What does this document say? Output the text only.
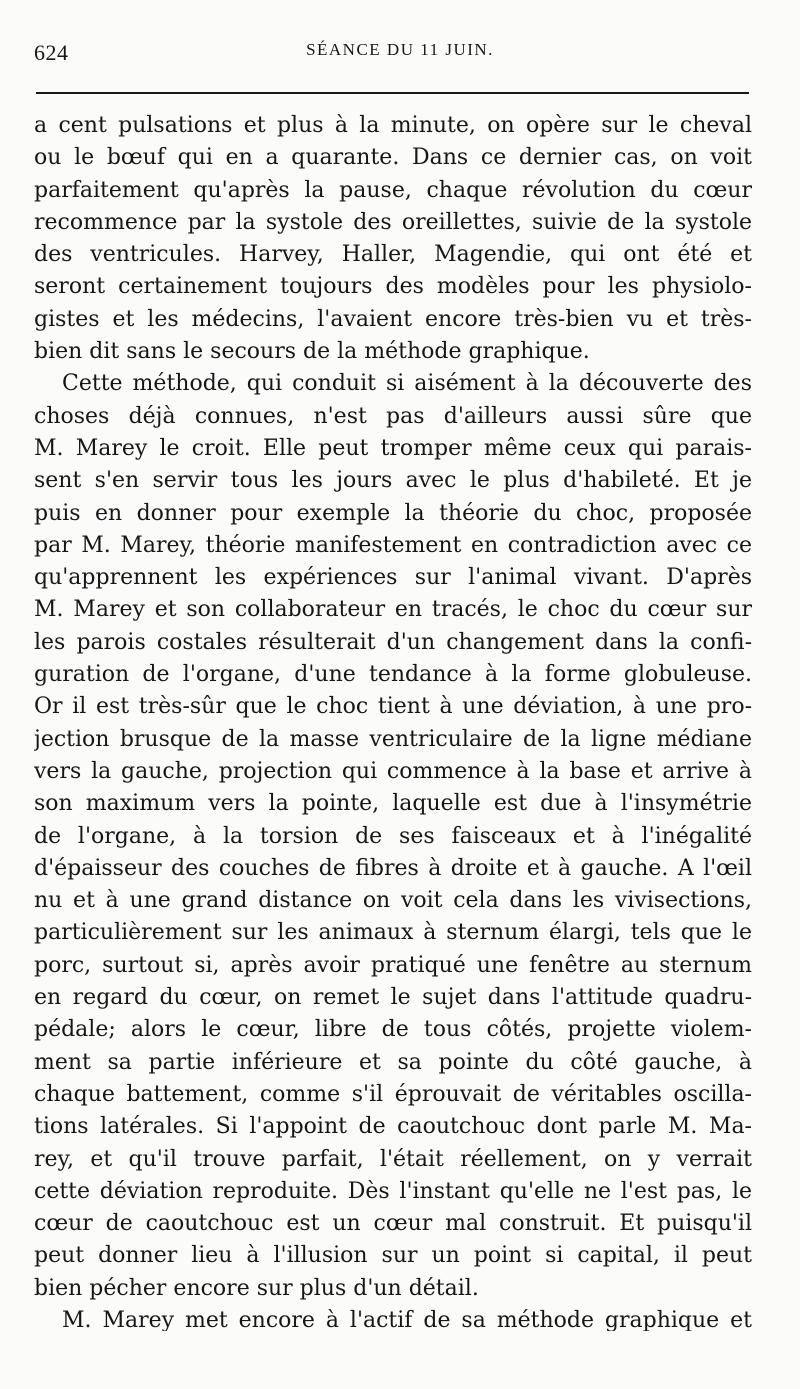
624	SÉANCE DU 11 JUIN.
a cent pulsations et plus à la minute, on opère sur le cheval
ou le bœuf qui en a quarante. Dans ce dernier cas, on voit
parfaitement qu'après la pause, chaque révolution du cœur
recommence par la systole des oreillettes, suivie de la systole
des ventricules. Harvey, Haller, Magendie, qui ont été et
seront certainement toujours des modèles pour les physiolo-
gistes et les médecins, l'avaient encore très-bien vu et très-
bien dit sans le secours de la méthode graphique.
Cette méthode, qui conduit si aisément à la découverte des
choses déjà connues, n'est pas d'ailleurs aussi sûre que
M. Marey le croit. Elle peut tromper même ceux qui parais-
sent s'en servir tous les jours avec le plus d'habileté. Et je
puis en donner pour exemple la théorie du choc, proposée
par M. Marey, théorie manifestement en contradiction avec ce
qu'apprennent les expériences sur l'animal vivant. D'après
M. Marey et son collaborateur en tracés, le choc du cœur sur
les parois costales résulterait d'un changement dans la confi-
guration de l'organe, d'une tendance à la forme globuleuse.
Or il est très-sûr que le choc tient à une déviation, à une pro-
jection brusque de la masse ventriculaire de la ligne médiane
vers la gauche, projection qui commence à la base et arrive à
son maximum vers la pointe, laquelle est due à l'insymétrie
de l'organe, à la torsion de ses faisceaux et à l'inégalité
d'épaisseur des couches de fibres à droite et à gauche. A l'œil
nu et à une grand distance on voit cela dans les vivisections,
particulièrement sur les animaux à sternum élargi, tels que le
porc, surtout si, après avoir pratiqué une fenêtre au sternum
en regard du cœur, on remet le sujet dans l'attitude quadru-
pédale; alors le cœur, libre de tous côtés, projette violem-
ment sa partie inférieure et sa pointe du côté gauche, à
chaque battement, comme s'il éprouvait de véritables oscilla-
tions latérales. Si l'appoint de caoutchouc dont parle M. Ma-
rey, et qu'il trouve parfait, l'était réellement, on y verrait
cette déviation reproduite. Dès l'instant qu'elle ne l'est pas, le
cœur de caoutchouc est un cœur mal construit. Et puisqu'il
peut donner lieu à l'illusion sur un point si capital, il peut
bien pécher encore sur plus d'un détail.
M. Marey met encore à l'actif de sa méthode graphique et
